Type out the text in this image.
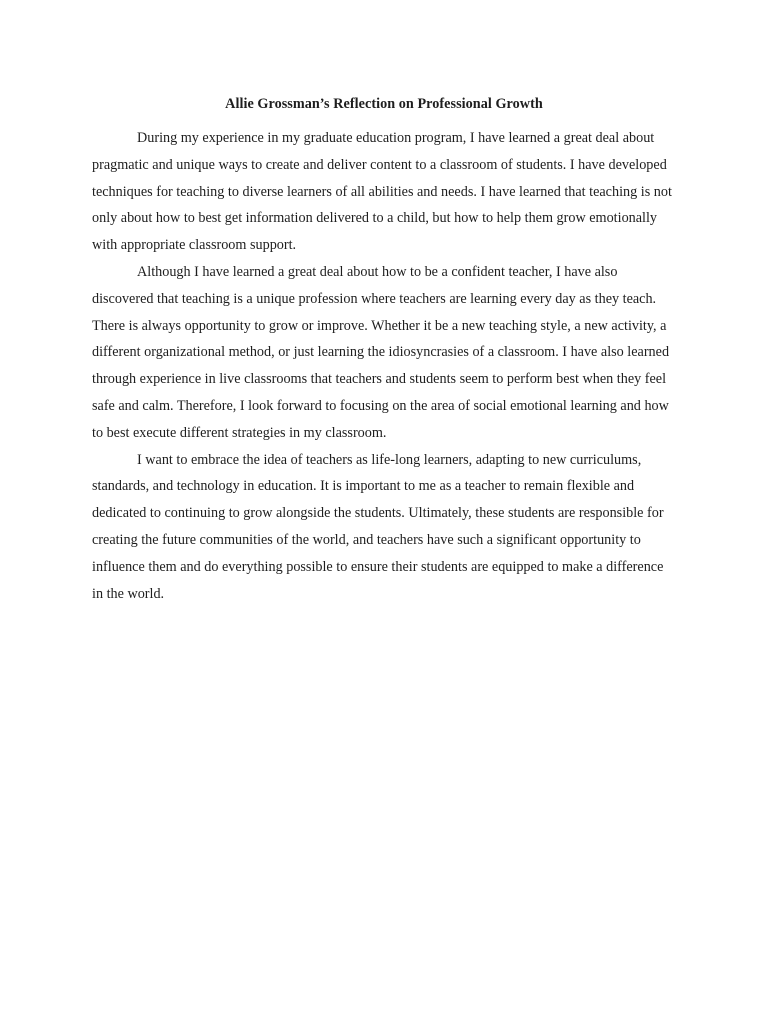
Allie Grossman’s Reflection on Professional Growth

During my experience in my graduate education program, I have learned a great deal about pragmatic and unique ways to create and deliver content to a classroom of students. I have developed techniques for teaching to diverse learners of all abilities and needs. I have learned that teaching is not only about how to best get information delivered to a child, but how to help them grow emotionally with appropriate classroom support.

Although I have learned a great deal about how to be a confident teacher, I have also discovered that teaching is a unique profession where teachers are learning every day as they teach. There is always opportunity to grow or improve. Whether it be a new teaching style, a new activity, a different organizational method, or just learning the idiosyncrasies of a classroom. I have also learned through experience in live classrooms that teachers and students seem to perform best when they feel safe and calm. Therefore, I look forward to focusing on the area of social emotional learning and how to best execute different strategies in my classroom.

I want to embrace the idea of teachers as life-long learners, adapting to new curriculums, standards, and technology in education. It is important to me as a teacher to remain flexible and dedicated to continuing to grow alongside the students. Ultimately, these students are responsible for creating the future communities of the world, and teachers have such a significant opportunity to influence them and do everything possible to ensure their students are equipped to make a difference in the world.
